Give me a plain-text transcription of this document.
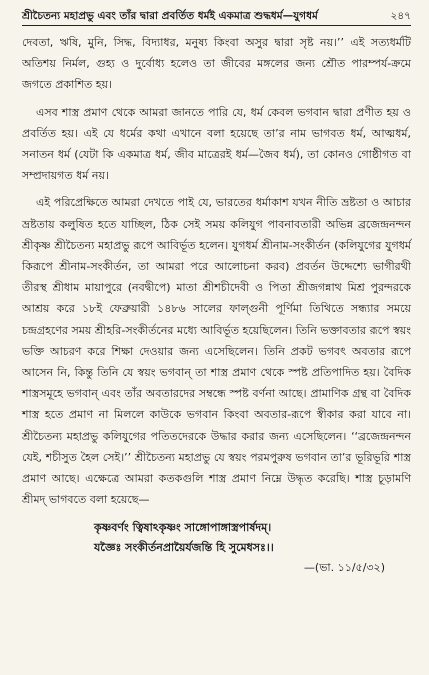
শ্রীচৈতন্য মহাপ্রভু এবং তাঁর দ্বারা প্রবর্তিত ধর্মই একমাত্র শুদ্ধধর্ম—যুগধর্ম	২৪৭

দেবতা, ঋষি, মুনি, সিদ্ধ, বিদ্যাধর, মনুষ্য কিংবা অসুর দ্বারা সৃষ্ট নয়।’’ এই সত্যধর্মটি অতিশয় নির্মল, গুহ্য ও দুর্বোধ্য হলেও তা জীবের মঙ্গলের জন্য শ্রৌত পারম্পর্য-ক্রমে জগতে প্রকাশিত হয়।

এসব শাস্ত্র প্রমাণ থেকে আমরা জানতে পারি যে, ধর্ম কেবল ভগবান দ্বারা প্রণীত হয় ও প্রবর্তিত হয়। এই যে ধর্মের কথা এখানে বলা হয়েছে তা’র নাম ভাগবত ধর্ম, আত্মধর্ম, সনাতন ধর্ম (যেটা কি একমাত্র ধর্ম, জীব মাত্রেরই ধর্ম—জৈব ধর্ম), তা কোনও গোষ্ঠীগত বা সম্প্রদায়গত ধর্ম নয়।

এই পরিপ্রেক্ষিতে আমরা দেখতে পাই যে, ভারতের ধর্মাকাশ যখন নীতি ভ্রষ্টতা ও আচার ভ্রষ্টতায় কলুষিত হতে যাচ্ছিল, ঠিক সেই সময় কলিযুগ পাবনাবতারী অভিন্ন ব্রজেন্দ্রনন্দন শ্রীকৃষ্ণ শ্রীচৈতন্য মহাপ্রভু রূপে আবির্ভূত হলেন। যুগধর্ম শ্রীনাম-সংকীর্তন (কলিযুগের যুগধর্ম কিরূপে শ্রীনাম-সংকীর্তন, তা আমরা পরে আলোচনা করব) প্রবর্তন উদ্দেশ্যে ভাগীরথী তীরস্থ শ্রীধাম মায়াপুরে (নবদ্বীপে) মাতা শ্রীশচীদেবী ও পিতা শ্রীজগন্নাথ মিশ্র পুরন্দরকে আশ্রয় করে ১৮ই ফেব্রুয়ারী ১৪৮৬ সালের ফাল্গুনী পূর্ণিমা তিথিতে সন্ধ্যার সময়ে চন্দ্রগ্রহণের সময় শ্রীহরি-সংকীর্তনের মধ্যে আবির্ভূত হয়েছিলেন। তিনি ভক্তাবতার রূপে স্বয়ং ভক্তি আচরণ করে শিক্ষা দেওয়ার জন্য এসেছিলেন। তিনি প্রকট ভগবৎ অবতার রূপে আসেন নি, কিন্তু তিনি যে স্বয়ং ভগবান্ তা শাস্ত্র প্রমাণ থেকে স্পষ্ট প্রতিপাদিত হয়। বৈদিক শাস্ত্রসমূহে ভগবান্ এবং তাঁর অবতারদের সম্বন্ধে স্পষ্ট বর্ণনা আছে। প্রামাণিক গ্রন্থ বা বৈদিক শাস্ত্র হতে প্রমাণ না মিললে কাউকে ভগবান কিংবা অবতার-রূপে স্বীকার করা যাবে না। শ্রীচৈতন্য মহাপ্রভু কলিযুগের পতিতদেরকে উদ্ধার করার জন্য এসেছিলেন। ‘‘ব্রজেন্দ্রনন্দন যেই, শচীসুত হৈল সেই।’’ শ্রীচৈতন্য মহাপ্রভু যে স্বয়ং পরমপুরুষ ভগবান তা’র ভূরিভূরি শাস্ত্র প্রমাণ আছে। এক্ষেত্রে আমরা কতকগুলি শাস্ত্র প্রমাণ নিম্নে উদ্ধৃত করেছি। শাস্ত্র চূড়ামণি শ্রীমদ্ ভাগবতে বলা হয়েছে—

কৃষ্ণবর্ণং ত্বিষাঽকৃষ্ণং সাঙ্গোপাঙ্গাস্ত্রপার্ষদম্।
যজ্ঞৈঃ সংকীর্তনপ্রায়ৈর্যজন্তি হি সুমেধসঃ।।
—(ভা. ১১/৫/৩২)
